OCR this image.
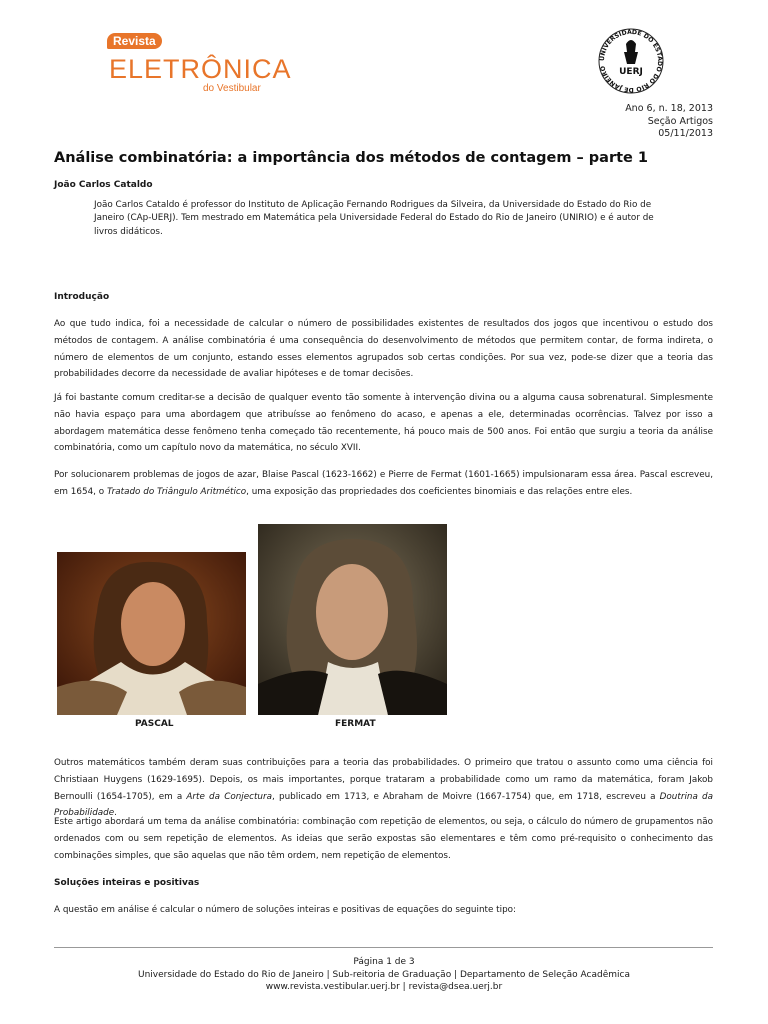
Revista
ELETRÔNICA
do Vestibular
UNIVERSIDADE DO ESTADO DO RIO DE JANEIRO	UERJ
Ano 6, n. 18, 2013
Seção Artigos
05/11/2013
Análise combinatória: a importância dos métodos de contagem – parte 1
João Carlos Cataldo
João Carlos Cataldo é professor do Instituto de Aplicação Fernando Rodrigues da Silveira, da Universidade do Estado do Rio de Janeiro (CAp-UERJ). Tem mestrado em Matemática pela Universidade Federal do Estado do Rio de Janeiro (UNIRIO) e é autor de livros didáticos.
Introdução
Ao que tudo indica, foi a necessidade de calcular o número de possibilidades existentes de resultados dos jogos que incentivou o estudo dos métodos de contagem. A análise combinatória é uma consequência do desenvolvimento de métodos que permitem contar, de forma indireta, o número de elementos de um conjunto, estando esses elementos agrupados sob certas condições. Por sua vez, pode-se dizer que a teoria das probabilidades decorre da necessidade de avaliar hipóteses e de tomar decisões.
Já foi bastante comum creditar-se a decisão de qualquer evento tão somente à intervenção divina ou a alguma causa sobrenatural. Simplesmente não havia espaço para uma abordagem que atribuísse ao fenômeno do acaso, e apenas a ele, determinadas ocorrências. Talvez por isso a abordagem matemática desse fenômeno tenha começado tão recentemente, há pouco mais de 500 anos. Foi então que surgiu a teoria da análise combinatória, como um capítulo novo da matemática, no século XVII.
Por solucionarem problemas de jogos de azar, Blaise Pascal (1623-1662) e Pierre de Fermat (1601-1665) impulsionaram essa área. Pascal escreveu, em 1654, o Tratado do Triângulo Aritmético, uma exposição das propriedades dos coeficientes binomiais e das relações entre eles.
PASCAL	FERMAT
Outros matemáticos também deram suas contribuições para a teoria das probabilidades. O primeiro que tratou o assunto como uma ciência foi Christiaan Huygens (1629-1695). Depois, os mais importantes, porque trataram a probabilidade como um ramo da matemática, foram Jakob Bernoulli (1654-1705), em a Arte da Conjectura, publicado em 1713, e Abraham de Moivre (1667-1754) que, em 1718, escreveu a Doutrina da Probabilidade.
Este artigo abordará um tema da análise combinatória: combinação com repetição de elementos, ou seja, o cálculo do número de grupamentos não ordenados com ou sem repetição de elementos. As ideias que serão expostas são elementares e têm como pré-requisito o conhecimento das combinações simples, que são aquelas que não têm ordem, nem repetição de elementos.
Soluções inteiras e positivas
A questão em análise é calcular o número de soluções inteiras e positivas de equações do seguinte tipo:
Página 1 de 3
Universidade do Estado do Rio de Janeiro | Sub-reitoria de Graduação | Departamento de Seleção Acadêmica
www.revista.vestibular.uerj.br | revista@dsea.uerj.br
